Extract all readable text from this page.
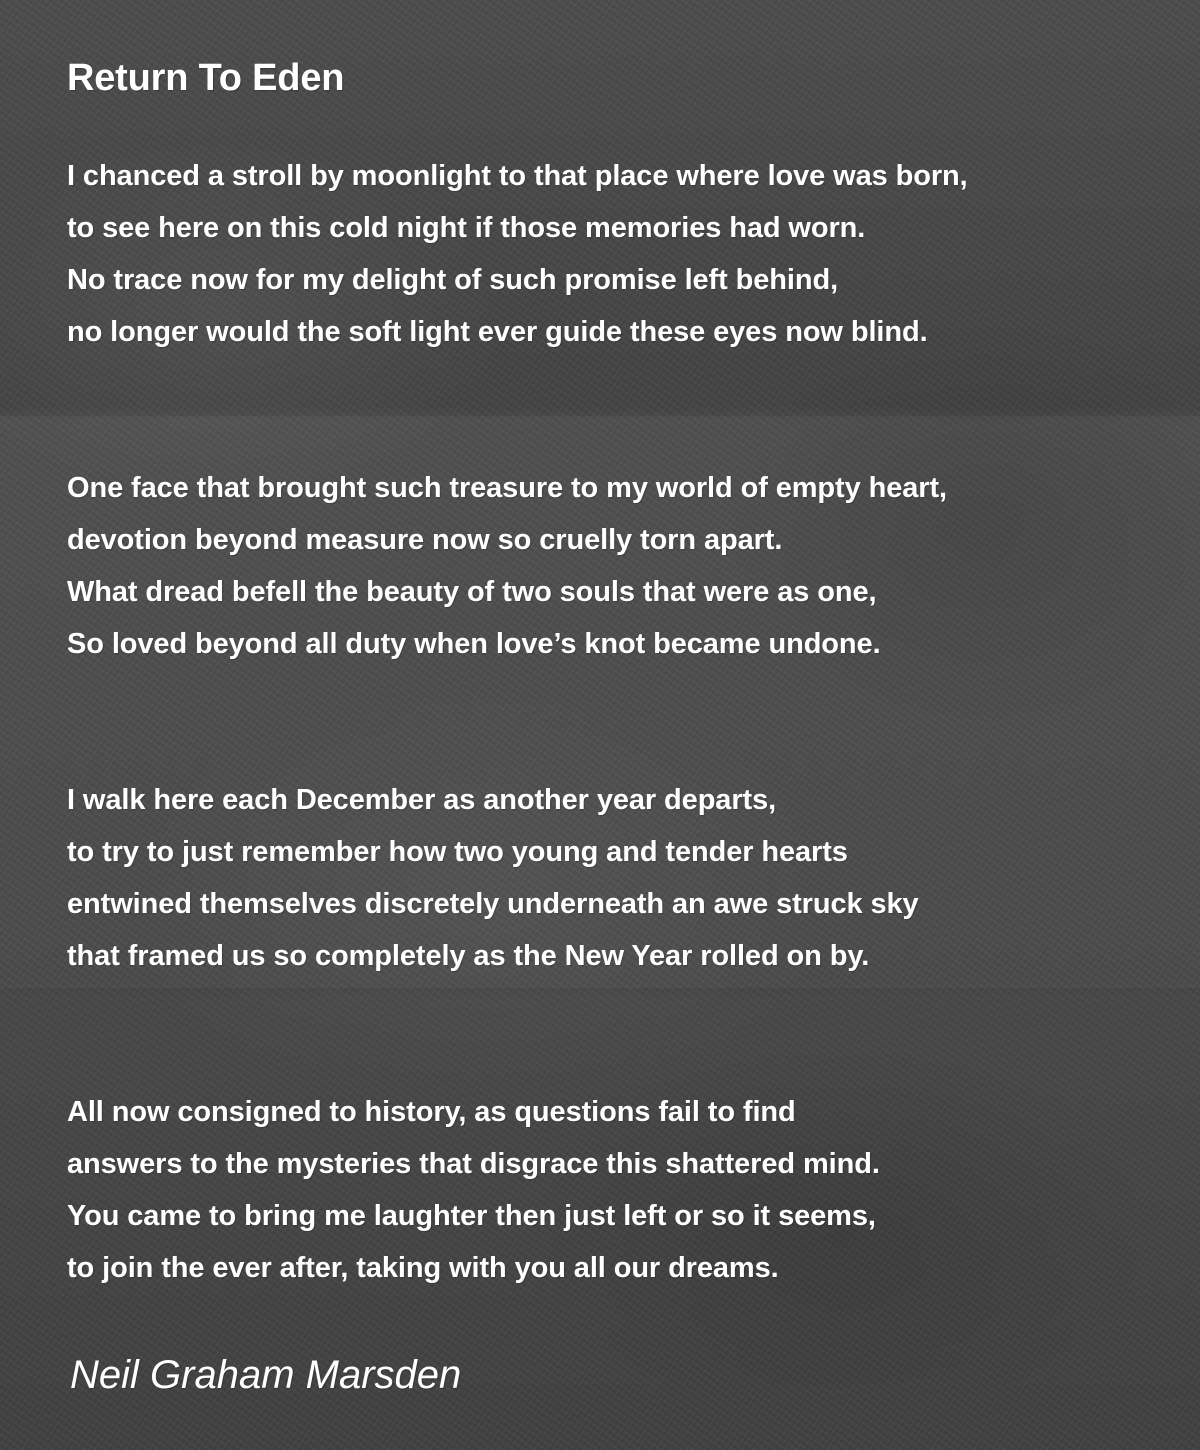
Return To Eden
I chanced a stroll by moonlight to that place where love was born,
to see here on this cold night if those memories had worn.
No trace now for my delight of such promise left behind,
no longer would the soft light ever guide these eyes now blind.
One face that brought such treasure to my world of empty heart,
devotion beyond measure now so cruelly torn apart.
What dread befell the beauty of two souls that were as one,
So loved beyond all duty when love’s knot became undone.
I walk here each December as another year departs,
to try to just remember how two young and tender hearts
entwined themselves discretely underneath an awe struck sky
that framed us so completely as the New Year rolled on by.
All now consigned to history, as questions fail to find
answers to the mysteries that disgrace this shattered mind.
You came to bring me laughter then just left or so it seems,
to join the ever after, taking with you all our dreams.

Neil Graham Marsden
